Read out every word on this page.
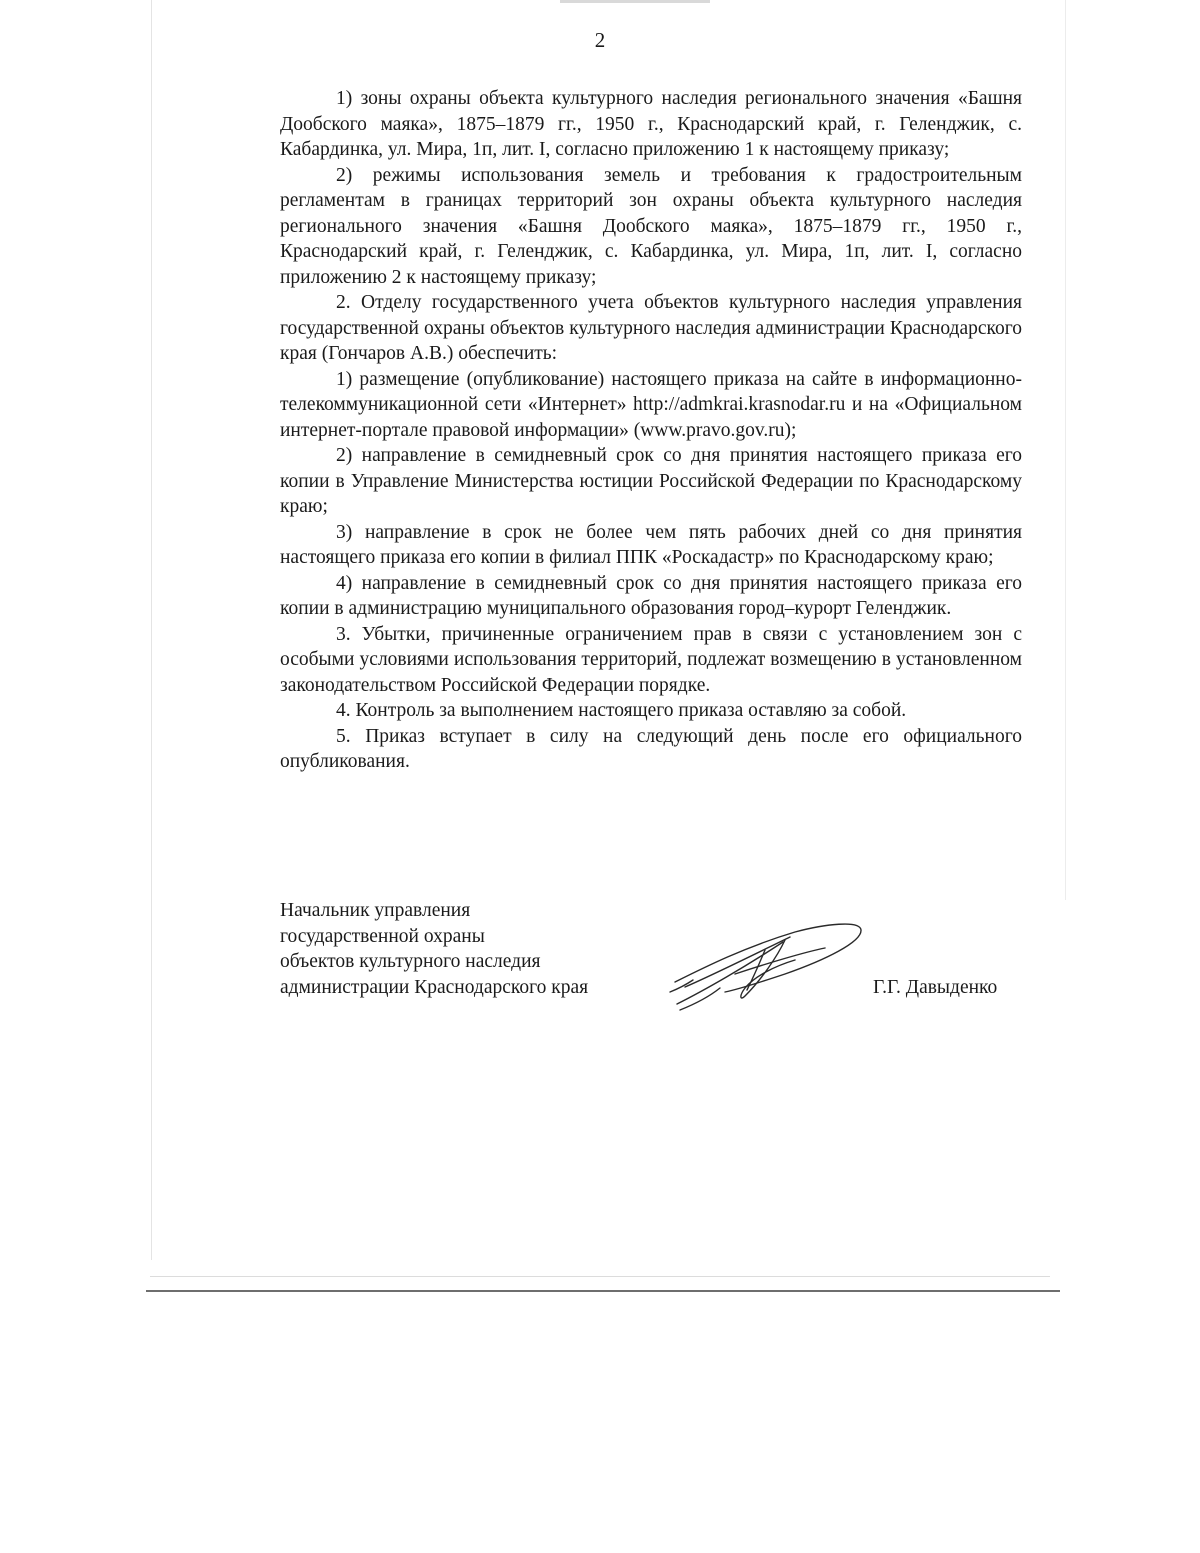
2

1) зоны охраны объекта культурного наследия регионального значения «Башня Дообского маяка», 1875–1879 гг., 1950 г., Краснодарский край, г. Геленджик, с. Кабардинка, ул. Мира, 1п, лит. I, согласно приложению 1 к настоящему приказу;

2) режимы использования земель и требования к градостроительным регламентам в границах территорий зон охраны объекта культурного наследия регионального значения «Башня Дообского маяка», 1875–1879 гг., 1950 г., Краснодарский край, г. Геленджик, с. Кабардинка, ул. Мира, 1п, лит. I, согласно приложению 2 к настоящему приказу;

2. Отделу государственного учета объектов культурного наследия управления государственной охраны объектов культурного наследия администрации Краснодарского края (Гончаров А.В.) обеспечить:

1) размещение (опубликование) настоящего приказа на сайте в информационно-телекоммуникационной сети «Интернет» http://admkrai.krasnodar.ru и на «Официальном интернет-портале правовой информации» (www.pravo.gov.ru);

2) направление в семидневный срок со дня принятия настоящего приказа его копии в Управление Министерства юстиции Российской Федерации по Краснодарскому краю;

3) направление в срок не более чем пять рабочих дней со дня принятия настоящего приказа его копии в филиал ППК «Роскадастр» по Краснодарскому краю;

4) направление в семидневный срок со дня принятия настоящего приказа его копии в администрацию муниципального образования город–курорт Геленджик.

3. Убытки, причиненные ограничением прав в связи с установлением зон с особыми условиями использования территорий, подлежат возмещению в установленном законодательством Российской Федерации порядке.

4. Контроль за выполнением настоящего приказа оставляю за собой.

5. Приказ вступает в силу на следующий день после его официального опубликования.

Начальник управления
государственной охраны
объектов культурного наследия
администрации Краснодарского края	Г.Г. Давыденко
